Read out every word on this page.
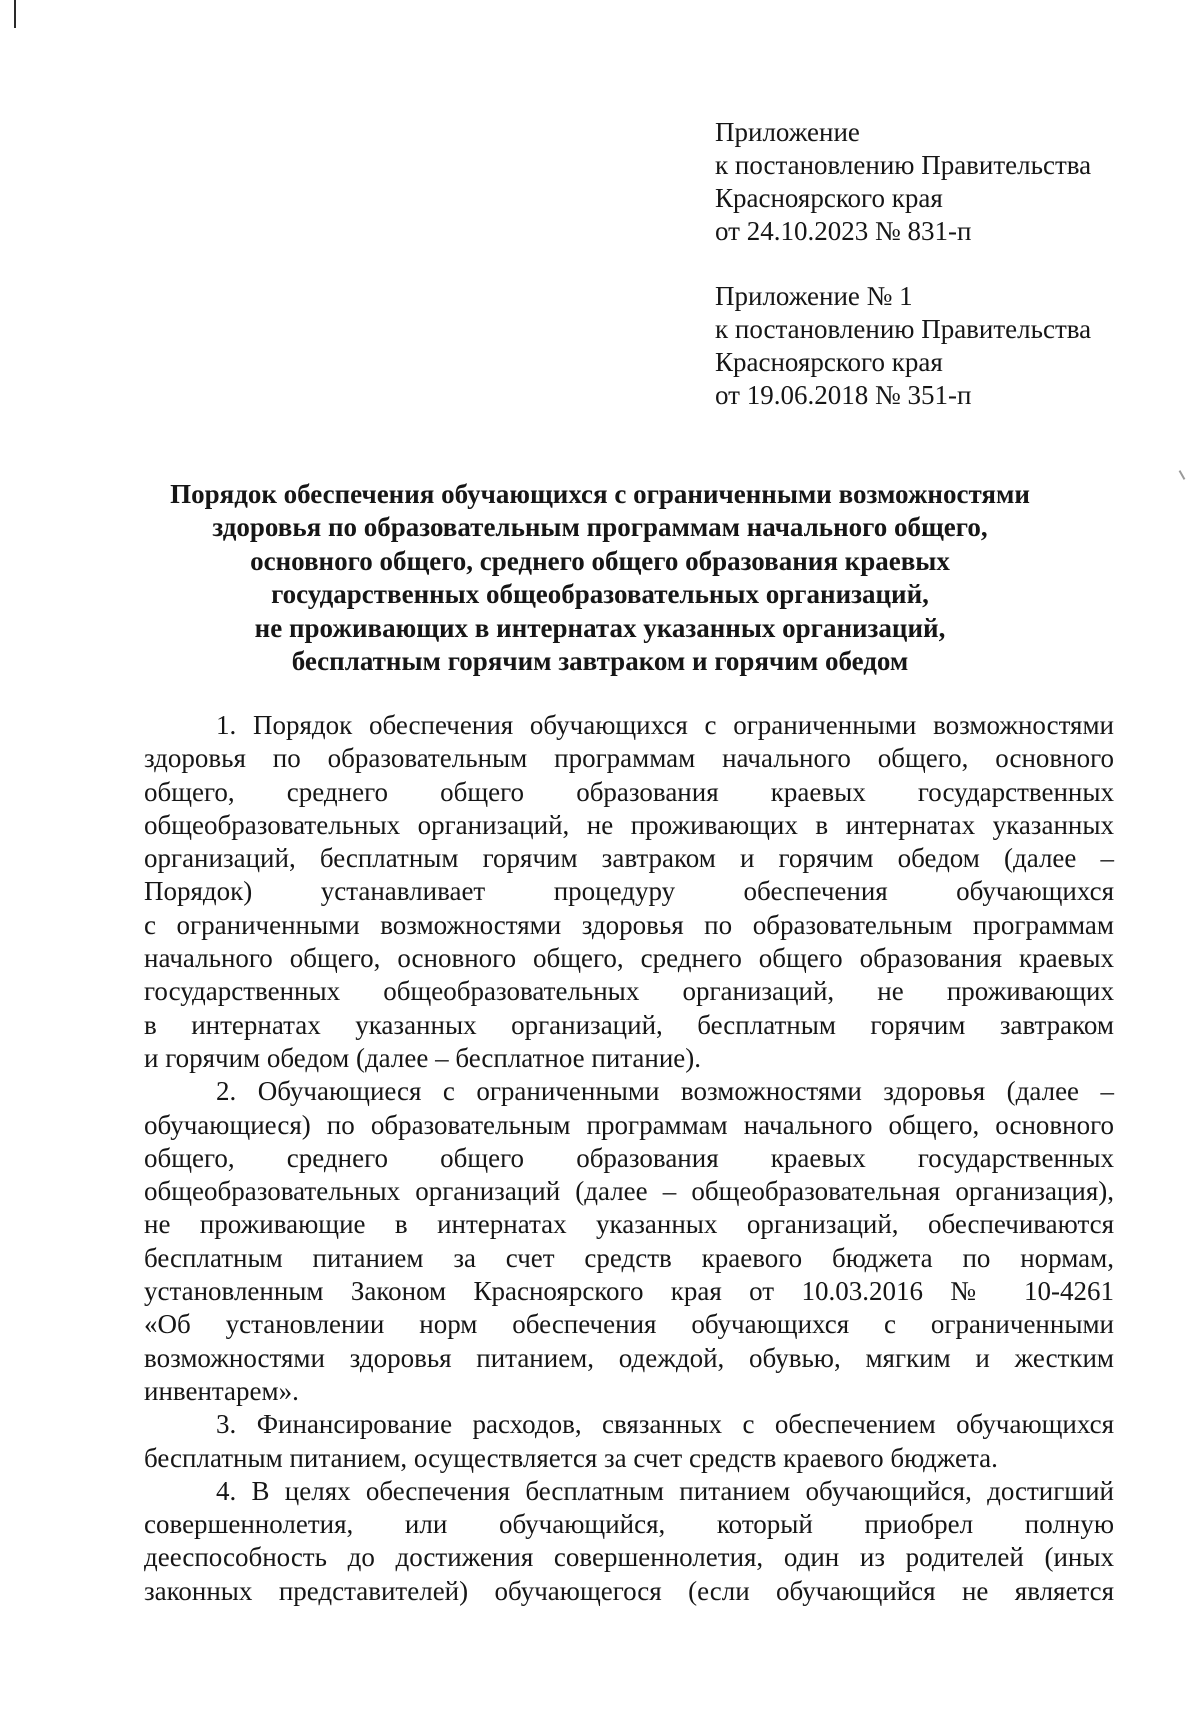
Приложение
к постановлению Правительства
Красноярского края
от 24.10.2023 № 831-п
Приложение № 1
к постановлению Правительства
Красноярского края
от 19.06.2018 № 351-п
Порядок обеспечения обучающихся с ограниченными возможностями
здоровья по образовательным программам начального общего,
основного общего, среднего общего образования краевых
государственных общеобразовательных организаций,
не проживающих в интернатах указанных организаций,
бесплатным горячим завтраком и горячим обедом
1. Порядок обеспечения обучающихся с ограниченными возможностями
здоровья по образовательным программам начального общего, основного
общего, среднего общего образования краевых государственных
общеобразовательных организаций, не проживающих в интернатах указанных
организаций, бесплатным горячим завтраком и горячим обедом (далее –
Порядок) устанавливает процедуру обеспечения обучающихся
с ограниченными возможностями здоровья по образовательным программам
начального общего, основного общего, среднего общего образования краевых
государственных общеобразовательных организаций, не проживающих
в интернатах указанных организаций, бесплатным горячим завтраком
и горячим обедом (далее – бесплатное питание).
2. Обучающиеся с ограниченными возможностями здоровья (далее –
обучающиеся) по образовательным программам начального общего, основного
общего, среднего общего образования краевых государственных
общеобразовательных организаций (далее – общеобразовательная организация),
не проживающие в интернатах указанных организаций, обеспечиваются
бесплатным питанием за счет средств краевого бюджета по нормам,
установленным Законом Красноярского края от 10.03.2016 № 10-4261
«Об установлении норм обеспечения обучающихся с ограниченными
возможностями здоровья питанием, одеждой, обувью, мягким и жестким
инвентарем».
3. Финансирование расходов, связанных с обеспечением обучающихся
бесплатным питанием, осуществляется за счет средств краевого бюджета.
4. В целях обеспечения бесплатным питанием обучающийся, достигший
совершеннолетия, или обучающийся, который приобрел полную
дееспособность до достижения совершеннолетия, один из родителей (иных
законных представителей) обучающегося (если обучающийся не является
